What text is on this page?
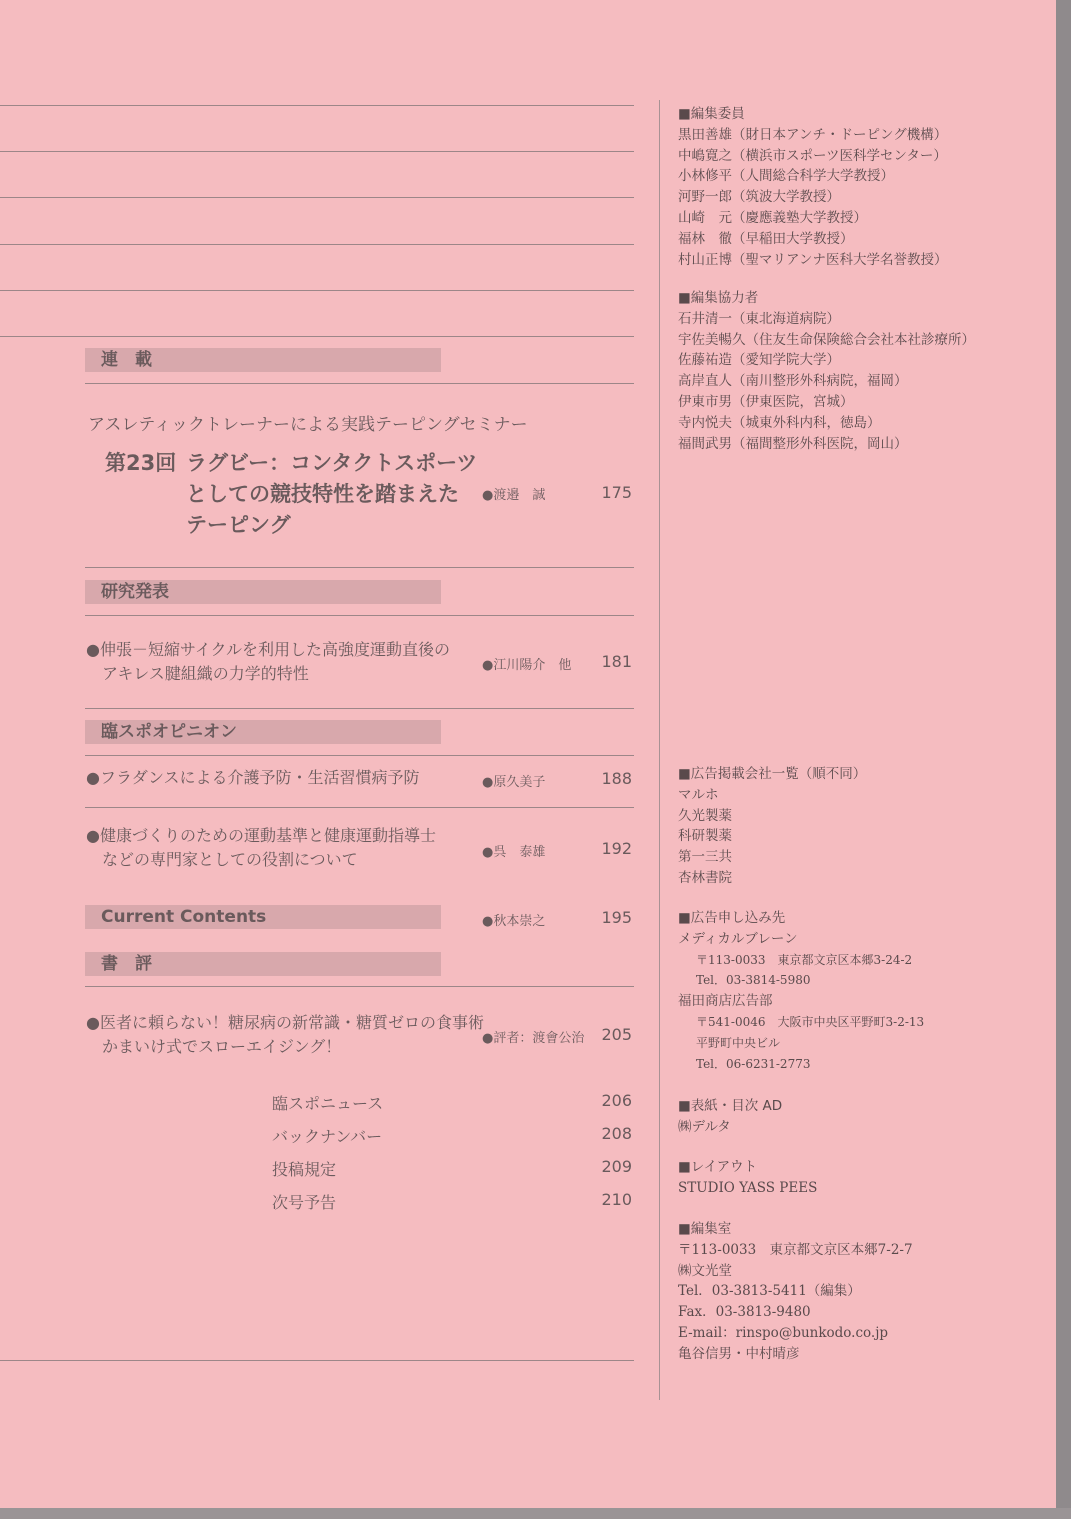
連　載
アスレティックトレーナーによる実践テーピングセミナー
第23回 ラグビー：コンタクトスポーツ
としての競技特性を踏まえた
テーピング
●渡邉　誠	175
研究発表
●伸張－短縮サイクルを利用した高強度運動直後の
アキレス腱組織の力学的特性	●江川陽介　他	181
臨スポオピニオン
●フラダンスによる介護予防・生活習慣病予防	●原久美子	188
●健康づくりのための運動基準と健康運動指導士
などの専門家としての役割について	●呉　泰雄	192
Current Contents	●秋本崇之	195
書　評
●医者に頼らない！糖尿病の新常識・糖質ゼロの食事術
かまいけ式でスローエイジング！	●評者：渡會公治	205
臨スポニュース	206
バックナンバー	208
投稿規定	209
次号予告	210
■編集委員
黒田善雄（財日本アンチ・ドーピング機構）
中嶋寛之（横浜市スポーツ医科学センター）
小林修平（人間総合科学大学教授）
河野一郎（筑波大学教授）
山崎　元（慶應義塾大学教授）
福林　徹（早稲田大学教授）
村山正博（聖マリアンナ医科大学名誉教授）
■編集協力者
石井清一（東北海道病院）
宇佐美暢久（住友生命保険総合会社本社診療所）
佐藤祐造（愛知学院大学）
高岸直人（南川整形外科病院，福岡）
伊東市男（伊東医院，宮城）
寺内悦夫（城東外科内科，徳島）
福間武男（福間整形外科医院，岡山）
■広告掲載会社一覧（順不同）
マルホ
久光製薬
科研製薬
第一三共
杏林書院
■広告申し込み先
メディカルブレーン
〒113-0033　東京都文京区本郷3-24-2
Tel．03-3814-5980
福田商店広告部
〒541-0046　大阪市中央区平野町3-2-13
平野町中央ビル
Tel．06-6231-2773
■表紙・目次 AD
㈱デルタ
■レイアウト
STUDIO YASS PEES
■編集室
〒113-0033　東京都文京区本郷7-2-7
㈱文光堂
Tel．03-3813-5411（編集）
Fax．03-3813-9480
E-mail：rinspo@bunkodo.co.jp
亀谷信男・中村晴彦
